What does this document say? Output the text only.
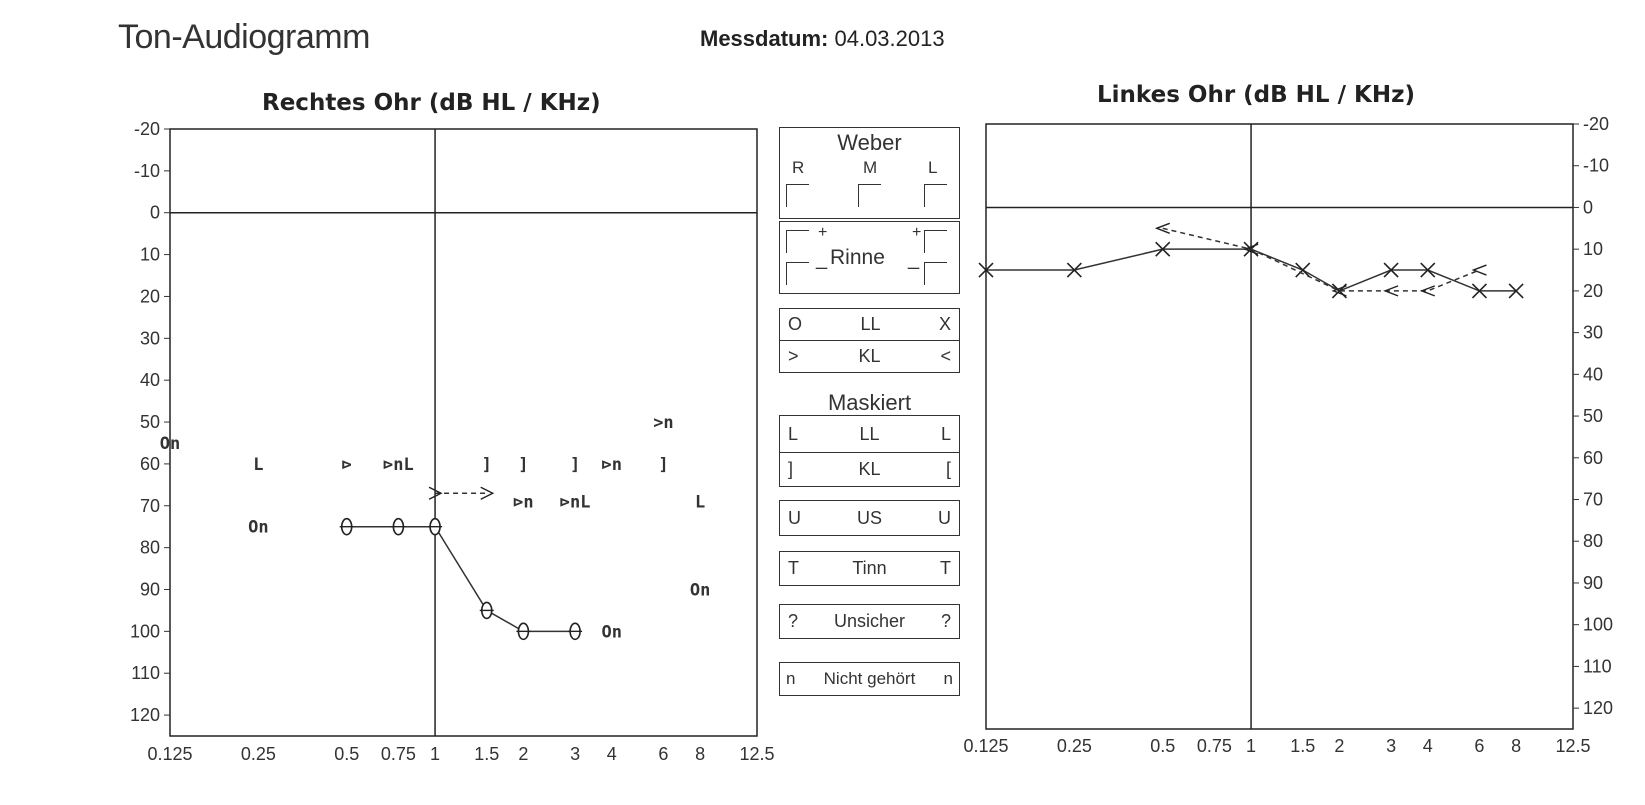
Ton-Audiogramm	Messdatum: 04.03.2013
Rechtes Ohr (dB HL / KHz)	Linkes Ohr (dB HL / KHz)
-20
-10
0
10
20
30
40
50
60
70
80
90
100
110
120
0.125	0.25	0.5 0.75 1 1.5 2 3 4 6 8 12.5
On
L	⊳ ⊳nL	] ] ] ⊳n ]
>n
⊳n ⊳nL	L
On
On
On
-20
-10
0
10
20
30
40
50
60
70
80
90
100
110
120
0.125	0.25	0.5 0.75 1 1.5 2 3 4 6 8 12.5
Weber
R	M	L
+	+
_ Rinne _
O	LL	X
>	KL	<
Maskiert
L	LL	L
]	KL	[
U	US	U
T	Tinn	T
? Unsicher ?
n Nicht gehört n
